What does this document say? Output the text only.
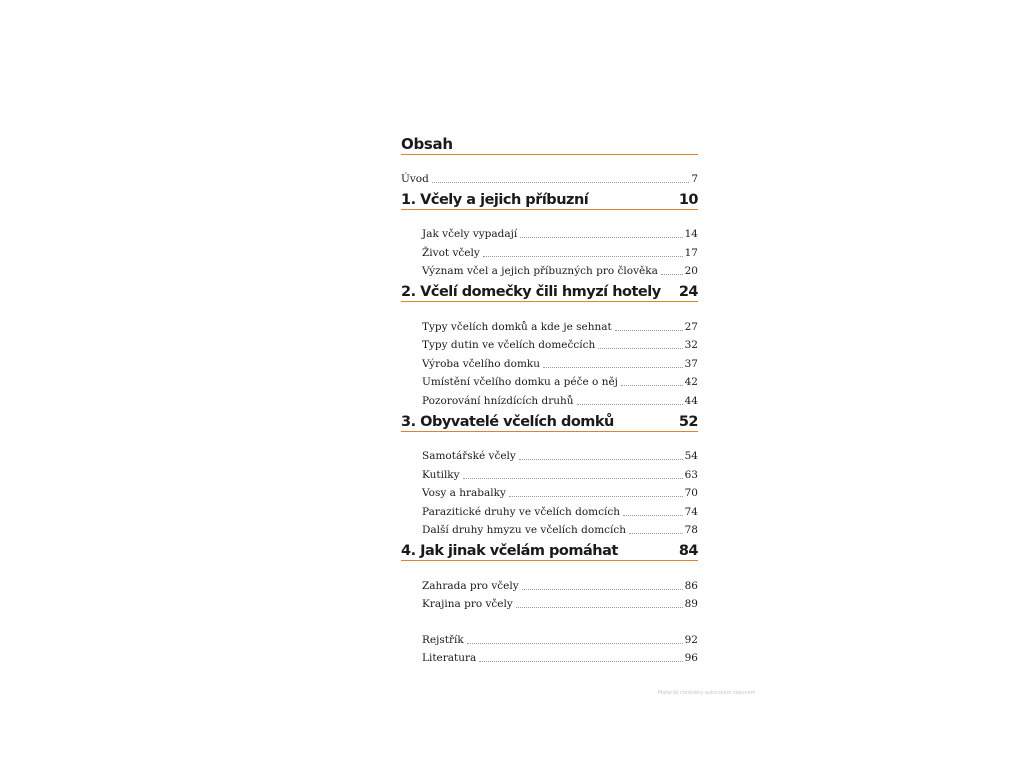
Obsah
Úvod	7
1. Včely a jejich příbuzní	10
Jak včely vypadají	14
Život včely	17
Význam včel a jejich příbuzných pro člověka	20
2. Včelí domečky čili hmyzí hotely 24
Typy včelích domků a kde je sehnat	27
Typy dutin ve včelích domečcích	32
Výroba včelího domku	37
Umístění včelího domku a péče o něj	42
Pozorování hnízdících druhů	44
3. Obyvatelé včelích domků	52
Samotářské včely	54
Kutilky	63
Vosy a hrabalky	70
Parazitické druhy ve včelích domcích	74
Další druhy hmyzu ve včelích domcích	78
4. Jak jinak včelám pomáhat	84
Zahrada pro včely	86
Krajina pro včely	89
Rejstřík	92
Literatura	96
Materiál chráněný autorským zákonem
